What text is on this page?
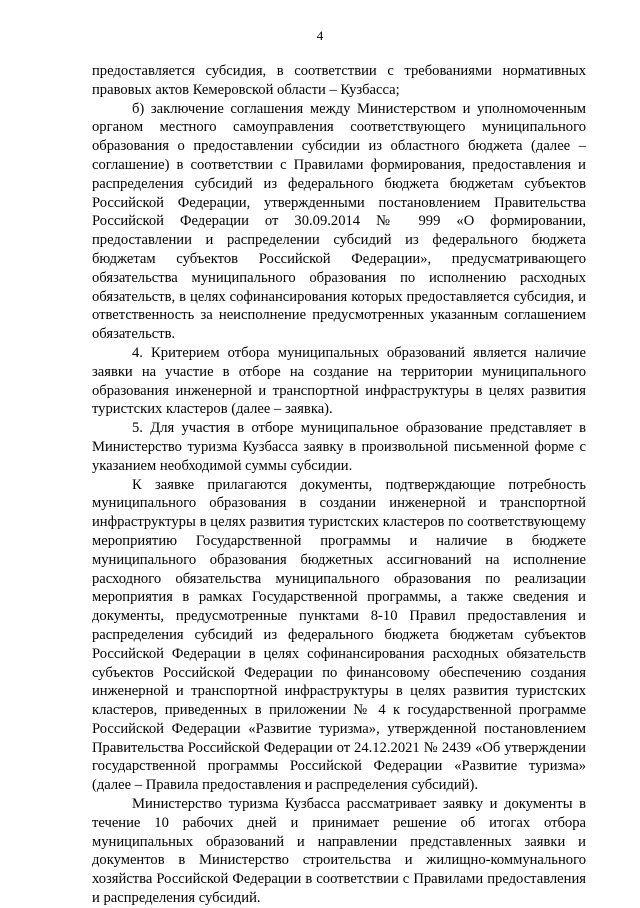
4

предоставляется субсидия, в соответствии с требованиями нормативных правовых актов Кемеровской области – Кузбасса;

б) заключение соглашения между Министерством и уполномоченным органом местного самоуправления соответствующего муниципального образования о предоставлении субсидии из областного бюджета (далее – соглашение) в соответствии с Правилами формирования, предоставления и распределения субсидий из федерального бюджета бюджетам субъектов Российской Федерации, утвержденными постановлением Правительства Российской Федерации от 30.09.2014 № 999 «О формировании, предоставлении и распределении субсидий из федерального бюджета бюджетам субъектов Российской Федерации», предусматривающего обязательства муниципального образования по исполнению расходных обязательств, в целях софинансирования которых предоставляется субсидия, и ответственность за неисполнение предусмотренных указанным соглашением обязательств.

4. Критерием отбора муниципальных образований является наличие заявки на участие в отборе на создание на территории муниципального образования инженерной и транспортной инфраструктуры в целях развития туристских кластеров (далее – заявка).

5. Для участия в отборе муниципальное образование представляет в Министерство туризма Кузбасса заявку в произвольной письменной форме с указанием необходимой суммы субсидии.

К заявке прилагаются документы, подтверждающие потребность муниципального образования в создании инженерной и транспортной инфраструктуры в целях развития туристских кластеров по соответствующему мероприятию Государственной программы и наличие в бюджете муниципального образования бюджетных ассигнований на исполнение расходного обязательства муниципального образования по реализации мероприятия в рамках Государственной программы, а также сведения и документы, предусмотренные пунктами 8-10 Правил предоставления и распределения субсидий из федерального бюджета бюджетам субъектов Российской Федерации в целях софинансирования расходных обязательств субъектов Российской Федерации по финансовому обеспечению создания инженерной и транспортной инфраструктуры в целях развития туристских кластеров, приведенных в приложении № 4 к государственной программе Российской Федерации «Развитие туризма», утвержденной постановлением Правительства Российской Федерации от 24.12.2021 № 2439 «Об утверждении государственной программы Российской Федерации «Развитие туризма» (далее – Правила предоставления и распределения субсидий).

Министерство туризма Кузбасса рассматривает заявку и документы в течение 10 рабочих дней и принимает решение об итогах отбора муниципальных образований и направлении представленных заявки и документов в Министерство строительства и жилищно-коммунального хозяйства Российской Федерации в соответствии с Правилами предоставления и распределения субсидий.
